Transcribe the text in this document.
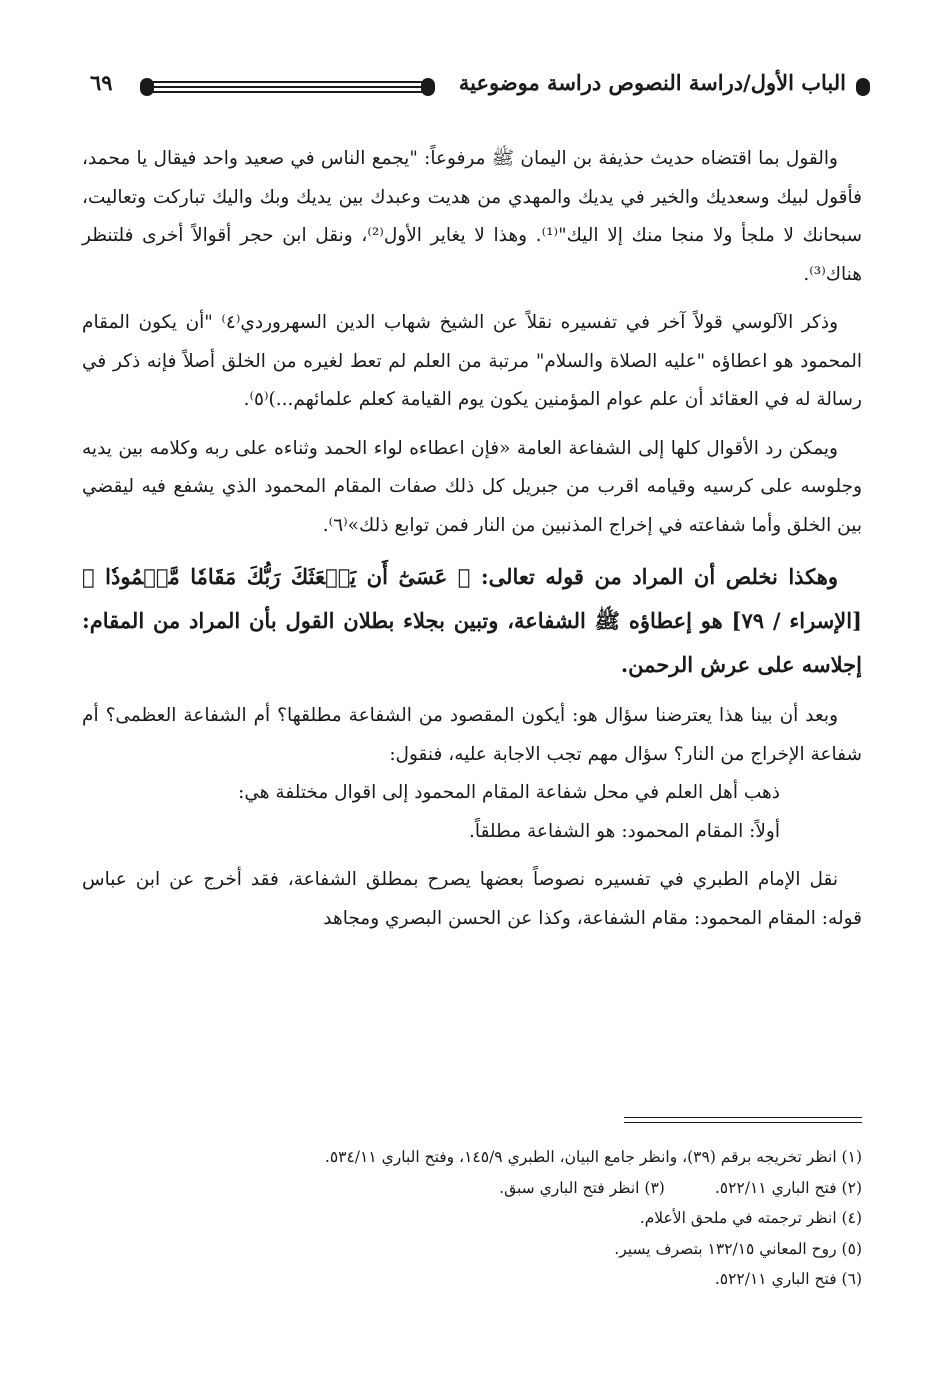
الباب الأول/دراسة النصوص دراسة موضوعية
٦٩

والقول بما اقتضاه حديث حذيفة بن اليمان ﷺ مرفوعاً: "يجمع الناس في صعيد واحد فيقال يا محمد، فأقول لبيك وسعديك والخير في يديك والمهدي من هديت وعبدك بين يديك وبك واليك تباركت وتعاليت، سبحانك لا ملجأ ولا منجا منك إلا اليك"⁽¹⁾. وهذا لا يغاير الأول⁽²⁾، ونقل ابن حجر أقوالاً أخرى فلتنظر هناك⁽³⁾.

وذكر الآلوسي قولاً آخر في تفسيره نقلاً عن الشيخ شهاب الدين السهروردي⁽٤⁾ "أن يكون المقام المحمود هو اعطاؤه "عليه الصلاة والسلام" مرتبة من العلم لم تعط لغيره من الخلق أصلاً فإنه ذكر في رسالة له في العقائد أن علم عوام المؤمنين يكون يوم القيامة كعلم علمائهم...)⁽٥⁾.

ويمكن رد الأقوال كلها إلى الشفاعة العامة «فإن اعطاءه لواء الحمد وثناءه على ربه وكلامه بين يديه وجلوسه على كرسيه وقيامه اقرب من جبريل كل ذلك صفات المقام المحمود الذي يشفع فيه ليقضي بين الخلق وأما شفاعته في إخراج المذنبين من النار فمن توابع ذلك»⁽٦⁾.

وهكذا نخلص أن المراد من قوله تعالى: ﴿ عَسَىٰٓ أَن يَبۡعَثَكَ رَبُّكَ مَقَامٗا مَّحۡمُودٗا ﴾ [الإسراء / ٧٩] هو إعطاؤه ﷺ الشفاعة، وتبين بجلاء بطلان القول بأن المراد من المقام: إجلاسه على عرش الرحمن.

وبعد أن بينا هذا يعترضنا سؤال هو: أيكون المقصود من الشفاعة مطلقها؟ أم الشفاعة العظمى؟ أم شفاعة الإخراج من النار؟ سؤال مهم تجب الاجابة عليه، فنقول:

ذهب أهل العلم في محل شفاعة المقام المحمود إلى اقوال مختلفة هي:

أولاً: المقام المحمود: هو الشفاعة مطلقاً.

نقل الإمام الطبري في تفسيره نصوصاً بعضها يصرح بمطلق الشفاعة، فقد أخرج عن ابن عباس قوله: المقام المحمود: مقام الشفاعة، وكذا عن الحسن البصري ومجاهد

(١) انظر تخريجه برقم (٣٩)، وانظر جامع البيان، الطبري ١٤٥/٩، وفتح الباري ٥٣٤/١١.
(٢) فتح الباري ٥٢٢/١١.(٣) انظر فتح الباري سبق.
(٤) انظر ترجمته في ملحق الأعلام.
(٥) روح المعاني ١٣٢/١٥ بتصرف يسير.
(٦) فتح الباري ٥٢٢/١١.
